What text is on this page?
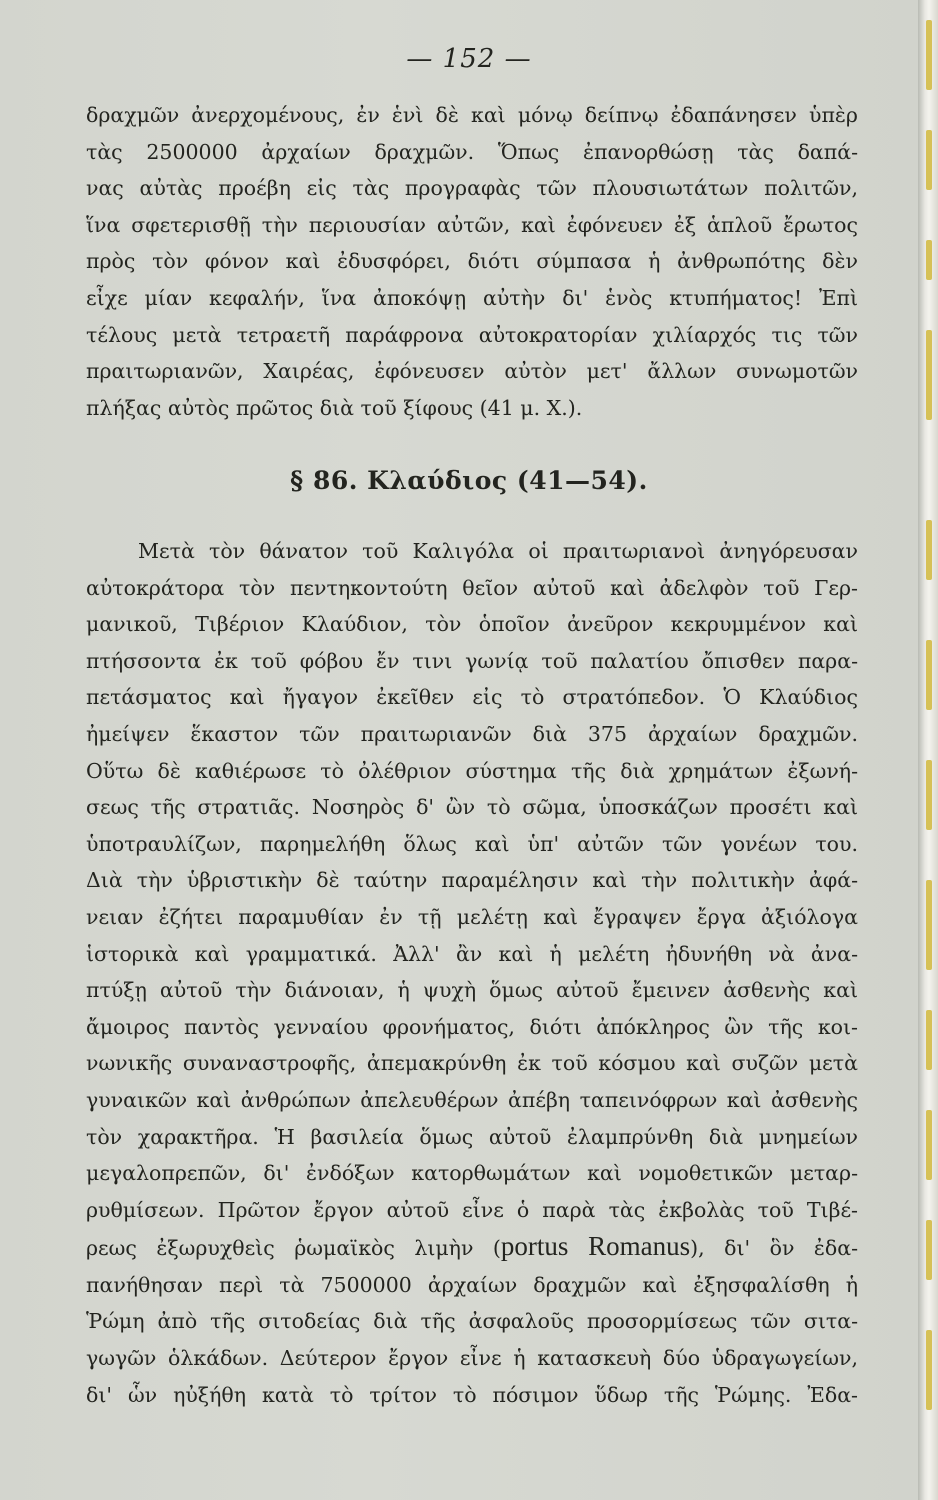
— 152 —

δραχμῶν ἀνερχομένους, ἐν ἑνὶ δὲ καὶ μόνῳ δείπνῳ ἐδαπάνησεν ὑπὲρ
τὰς 2500000 ἀρχαίων δραχμῶν. Ὅπως ἐπανορθώσῃ τὰς δαπά-
νας αὐτὰς προέβη εἰς τὰς προγραφὰς τῶν πλουσιωτάτων πολιτῶν,
ἵνα σφετερισθῇ τὴν περιουσίαν αὐτῶν, καὶ ἐφόνευεν ἐξ ἁπλοῦ ἔρωτος
πρὸς τὸν φόνον καὶ ἐδυσφόρει, διότι σύμπασα ἡ ἀνθρωπότης δὲν
εἶχε μίαν κεφαλήν, ἵνα ἀποκόψῃ αὐτὴν δι' ἑνὸς κτυπήματος! Ἐπὶ
τέλους μετὰ τετραετῆ παράφρονα αὐτοκρατορίαν χιλίαρχός τις τῶν
πραιτωριανῶν, Χαιρέας, ἐφόνευσεν αὐτὸν μετ' ἄλλων συνωμοτῶν
πλήξας αὐτὸς πρῶτος διὰ τοῦ ξίφους (41 μ. Χ.).

§ 86. Κλαύδιος (41—54).

Μετὰ τὸν θάνατον τοῦ Καλιγόλα οἱ πραιτωριανοὶ ἀνηγόρευσαν
αὐτοκράτορα τὸν πεντηκοντούτη θεῖον αὐτοῦ καὶ ἀδελφὸν τοῦ Γερ-
μανικοῦ, Τιβέριον Κλαύδιον, τὸν ὁποῖον ἀνεῦρον κεκρυμμένον καὶ
πτήσσοντα ἐκ τοῦ φόβου ἔν τινι γωνίᾳ τοῦ παλατίου ὄπισθεν παρα-
πετάσματος καὶ ἤγαγον ἐκεῖθεν εἰς τὸ στρατόπεδον. Ὁ Κλαύδιος
ἠμείψεν ἕκαστον τῶν πραιτωριανῶν διὰ 375 ἀρχαίων δραχμῶν.
Οὕτω δὲ καθιέρωσε τὸ ὀλέθριον σύστημα τῆς διὰ χρημάτων ἐξωνή-
σεως τῆς στρατιᾶς. Νοσηρὸς δ' ὢν τὸ σῶμα, ὑποσκάζων προσέτι καὶ
ὑποτραυλίζων, παρημελήθη ὅλως καὶ ὑπ' αὐτῶν τῶν γονέων του.
Διὰ τὴν ὑβριστικὴν δὲ ταύτην παραμέλησιν καὶ τὴν πολιτικὴν ἀφά-
νειαν ἐζήτει παραμυθίαν ἐν τῇ μελέτῃ καὶ ἔγραψεν ἔργα ἀξιόλογα
ἱστορικὰ καὶ γραμματικά. Ἀλλ' ἂν καὶ ἡ μελέτη ἠδυνήθη νὰ ἀνα-
πτύξῃ αὐτοῦ τὴν διάνοιαν, ἡ ψυχὴ ὅμως αὐτοῦ ἔμεινεν ἀσθενὴς καὶ
ἄμοιρος παντὸς γενναίου φρονήματος, διότι ἀπόκληρος ὢν τῆς κοι-
νωνικῆς συναναστροφῆς, ἀπεμακρύνθη ἐκ τοῦ κόσμου καὶ συζῶν μετὰ
γυναικῶν καὶ ἀνθρώπων ἀπελευθέρων ἀπέβη ταπεινόφρων καὶ ἀσθενὴς
τὸν χαρακτῆρα. Ἡ βασιλεία ὅμως αὐτοῦ ἐλαμπρύνθη διὰ μνημείων
μεγαλοπρεπῶν, δι' ἐνδόξων κατορθωμάτων καὶ νομοθετικῶν μεταρ-
ρυθμίσεων. Πρῶτον ἔργον αὐτοῦ εἶνε ὁ παρὰ τὰς ἐκβολὰς τοῦ Τιβέ-
ρεως ἐξωρυχθεὶς ῥωμαϊκὸς λιμὴν (portus Romanus), δι' ὃν ἐδα-
πανήθησαν περὶ τὰ 7500000 ἀρχαίων δραχμῶν καὶ ἐξησφαλίσθη ἡ
Ῥώμη ἀπὸ τῆς σιτοδείας διὰ τῆς ἀσφαλοῦς προσορμίσεως τῶν σιτα-
γωγῶν ὁλκάδων. Δεύτερον ἔργον εἶνε ἡ κατασκευὴ δύο ὑδραγωγείων,
δι' ὧν ηὐξήθη κατὰ τὸ τρίτον τὸ πόσιμον ὕδωρ τῆς Ῥώμης. Ἐδα-
